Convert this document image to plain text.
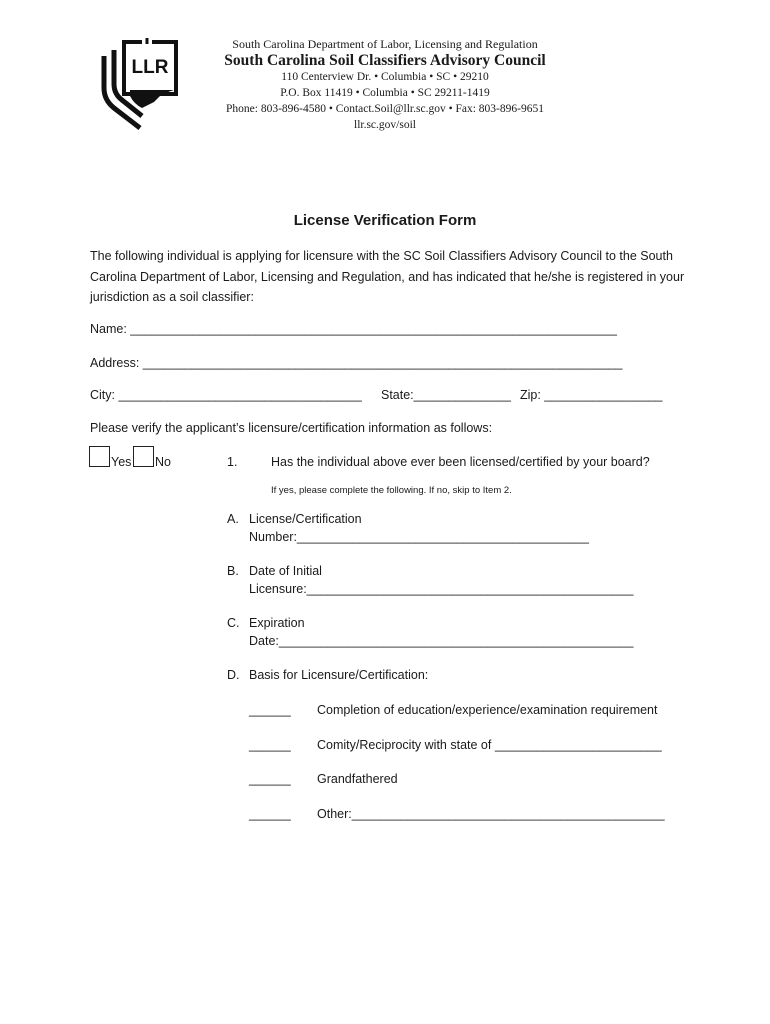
LLR
South Carolina Department of Labor, Licensing and Regulation
South Carolina Soil Classifiers Advisory Council
110 Centerview Dr. • Columbia • SC • 29210
P.O. Box 11419 • Columbia • SC 29211-1419
Phone: 803-896-4580 • Contact.Soil@llr.sc.gov • Fax: 803-896-9651
llr.sc.gov/soil
License Verification Form
The following individual is applying for licensure with the SC Soil Classifiers Advisory Council to the South Carolina Department of Labor, Licensing and Regulation, and has indicated that he/she is registered in your jurisdiction as a soil classifier:
Name: ______________________________________________________________________
Address: _____________________________________________________________________
City: ___________________________________ State:______________ Zip: _________________
Please verify the applicant’s licensure/certification information as follows:
Yes No	1.	Has the individual above ever been licensed/certified by your board?
If yes, please complete the following. If no, skip to Item 2.
A. License/Certification
Number:__________________________________________
B. Date of Initial
Licensure:_______________________________________________
C. Expiration
Date:___________________________________________________
D. Basis for Licensure/Certification:
______ Completion of education/experience/examination requirement
______ Comity/Reciprocity with state of ________________________
______ Grandfathered
______ Other:_____________________________________________
